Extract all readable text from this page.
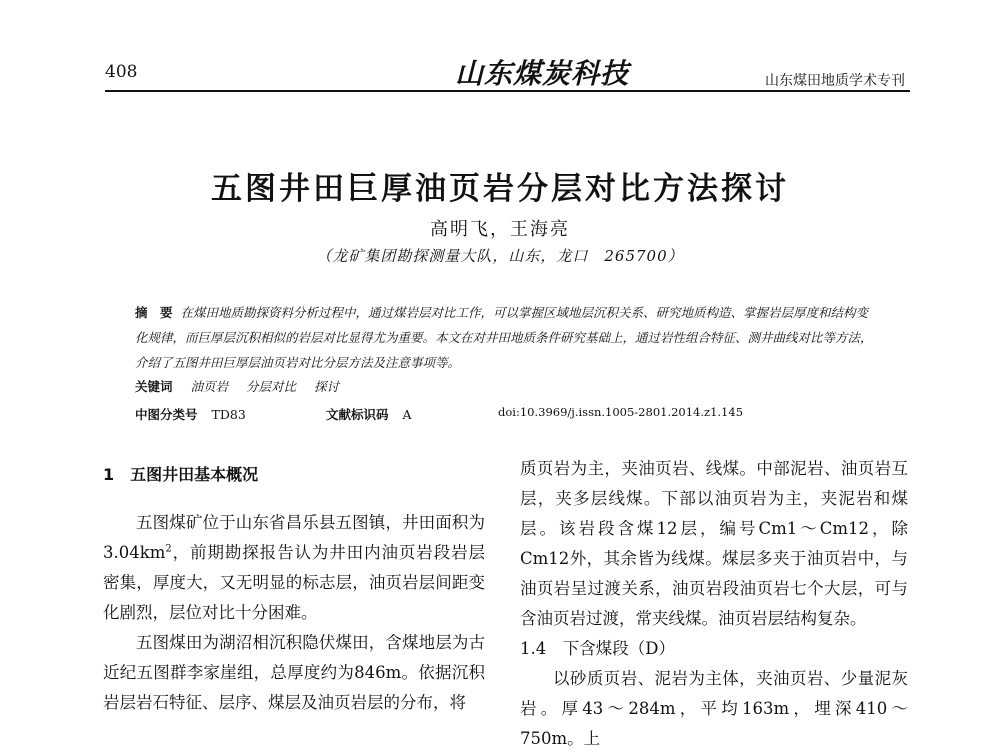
408	山东煤炭科技	山东煤田地质学术专刊
五图井田巨厚油页岩分层对比方法探讨
高明飞，王海亮
（龙矿集团勘探测量大队，山东，龙口　265700）
摘　要 在煤田地质勘探资料分析过程中，通过煤岩层对比工作，可以掌握区域地层沉积关系、研究地质构造、掌握岩层厚度和结构变化规律，而巨厚层沉积相似的岩层对比显得尤为重要。本文在对井田地质条件研究基础上，通过岩性组合特征、测井曲线对比等方法，介绍了五图井田巨厚层油页岩对比分层方法及注意事项等。
关键词 油页岩 分层对比 探讨
中图分类号 TD83	文献标识码 A	doi:10.3969/j.issn.1005-2801.2014.z1.145

1　五图井田基本概况

五图煤矿位于山东省昌乐县五图镇，井田面积为$3.04km^2$，前期勘探报告认为井田内油页岩段岩层密集，厚度大，又无明显的标志层，油页岩层间距变化剧烈，层位对比十分困难。

五图煤田为湖沼相沉积隐伏煤田，含煤地层为古近纪五图群李家崖组，总厚度约为846m。依据沉积岩层岩石特征、层序、煤层及油页岩层的分布，将

质页岩为主，夹油页岩、线煤。中部泥岩、油页岩互层，夹多层线煤。下部以油页岩为主，夹泥岩和煤层。该岩段含煤12层，编号Cm1～Cm12，除Cm12外，其余皆为线煤。煤层多夹于油页岩中，与油页岩呈过渡关系，油页岩段油页岩七个大层，可与含油页岩过渡，常夹线煤。油页岩层结构复杂。

1.4　下含煤段（D）

以砂质页岩、泥岩为主体，夹油页岩、少量泥灰岩。厚43～284m，平均163m，埋深410～750m。上
